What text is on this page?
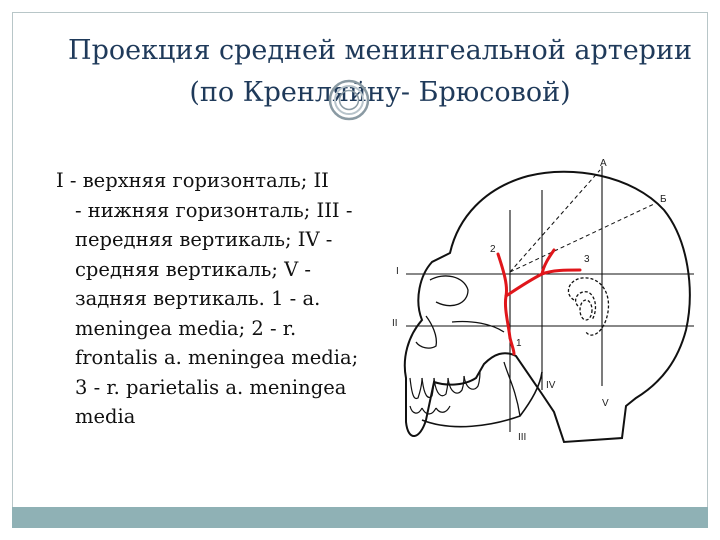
Проекция средней менингеальной артерии (по Кренляйну- Брюсовой)
I - верхняя горизонталь; II
- нижняя горизонталь; III - передняя вертикаль; IV - средняя вертикаль; V - задняя вертикаль. 1 - a. meningea media; 2 - r. frontalis a. meningea media; 3 - r. parietalis a. meningea media
A
Б
I
II
III
IV
V
1
2
3
